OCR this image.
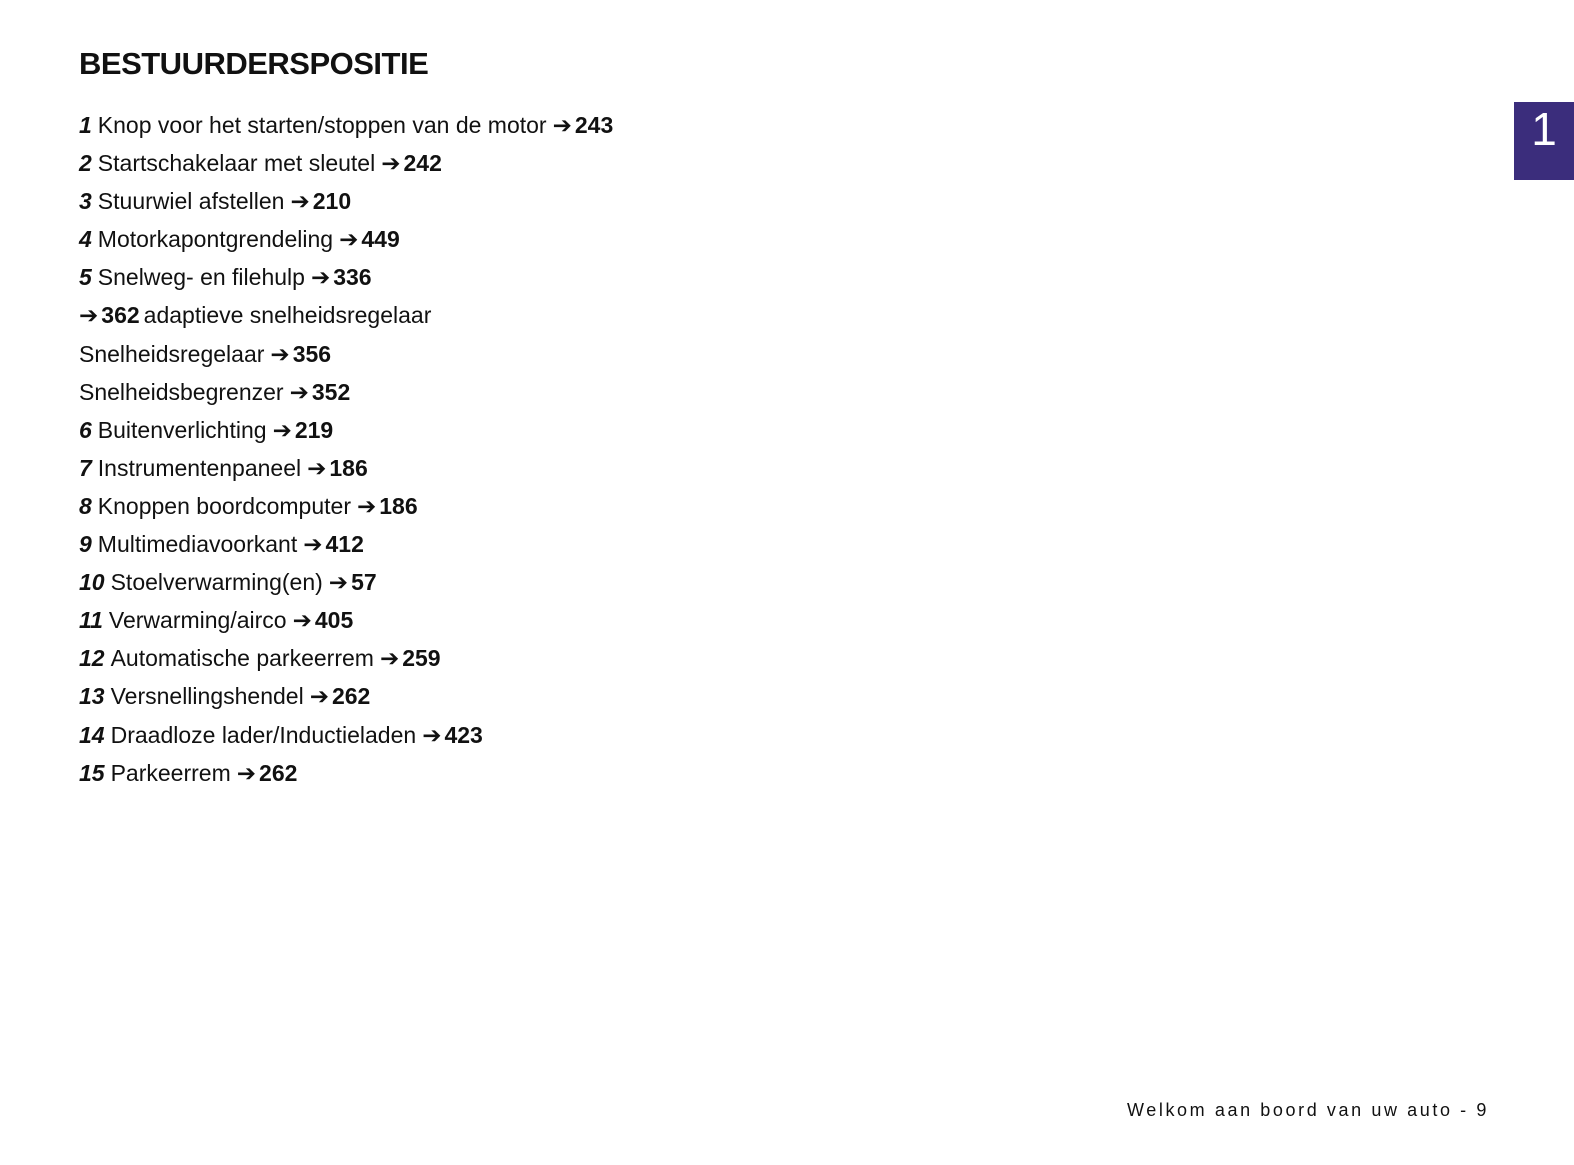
BESTUURDERSPOSITIE
1
1 Knop voor het starten/stoppen van de motor ➔ 243
2 Startschakelaar met sleutel ➔ 242
3 Stuurwiel afstellen ➔ 210
4 Motorkapontgrendeling ➔ 449
5 Snelweg- en filehulp ➔ 336
➔ 362 adaptieve snelheidsregelaar
Snelheidsregelaar ➔ 356
Snelheidsbegrenzer ➔ 352
6 Buitenverlichting ➔ 219
7 Instrumentenpaneel ➔ 186
8 Knoppen boordcomputer ➔ 186
9 Multimediavoorkant ➔ 412
10 Stoelverwarming(en) ➔ 57
11 Verwarming/airco ➔ 405
12 Automatische parkeerrem ➔ 259
13 Versnellingshendel ➔ 262
14 Draadloze lader/Inductieladen ➔ 423
15 Parkeerrem ➔ 262
Welkom aan boord van uw auto - 9
